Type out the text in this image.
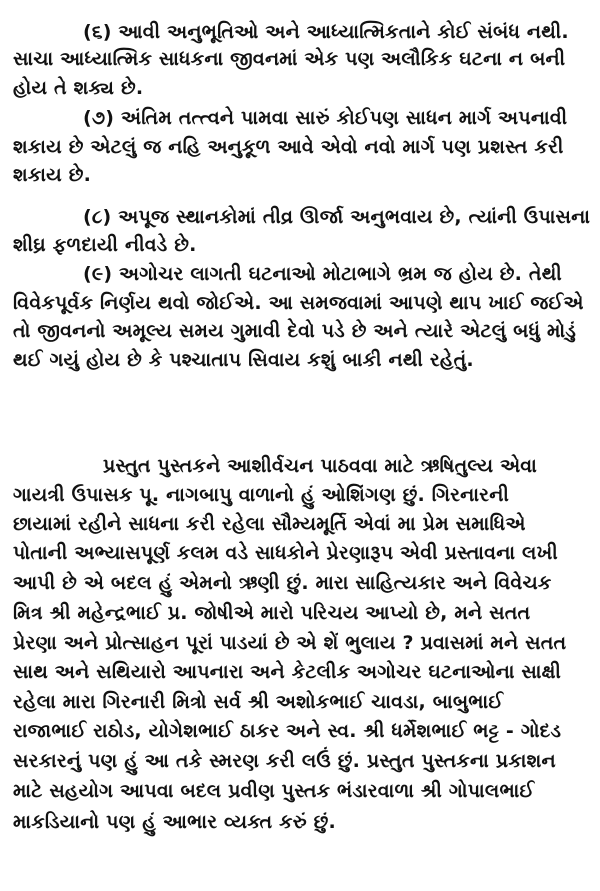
(૬) આવી અનુભૂતિઓ અને આધ્યાત્મિકતાને કોઈ સંબંધ નથી.
સાચા આધ્યાત્મિક સાધકના જીવનમાં એક પણ અલૌકિક ઘટના ન બની
હોય તે શક્ય છે.
(૭) અંતિમ તત્ત્વને પામવા સારું કોઈપણ સાધન માર્ગ અપનાવી
શકાય છે એટલું જ નહિ અનુકૂળ આવે એવો નવો માર્ગ પણ પ્રશસ્ત કરી
શકાય છે.
(૮) અપૂજ સ્થાનકોમાં તીવ્ર ઊર્જા અનુભવાય છે, ત્યાંની ઉપાસના
શીઘ્ર ફળદાયી નીવડે છે.
(૯) અગોચર લાગતી ઘટનાઓ મોટાભાગે ભ્રમ જ હોય છે. તેથી
વિવેકપૂર્વક નિર્ણય થવો જોઈએ. આ સમજવામાં આપણે થાપ ખાઈ જઈએ
તો જીવનનો અમૂલ્ય સમય ગુમાવી દેવો પડે છે અને ત્યારે એટલું બધું મોડું
થઈ ગયું હોય છે કે પશ્ચાતાપ સિવાય કશું બાકી નથી રહેતું.
પ્રસ્તુત પુસ્તકને આશીર્વચન પાઠવવા માટે ઋષિતુલ્ય એવા
ગાયત્રી ઉપાસક પૂ. નાગબાપુ વાળાનો હું ઓશિંગણ છું. ગિરનારની
છાયામાં રહીને સાધના કરી રહેલા સૌમ્યમૂર્તિ એવાં મા પ્રેમ સમાધિએ
પોતાની અભ્યાસપૂર્ણ કલમ વડે સાધકોને પ્રેરણારૂપ એવી પ્રસ્તાવના લખી
આપી છે એ બદલ હું એમનો ઋણી છું. મારા સાહિત્યકાર અને વિવેચક
મિત્ર શ્રી મહેન્દ્રભાઈ પ્ર. જોષીએ મારો પરિચય આપ્યો છે, મને સતત
પ્રેરણા અને પ્રોત્સાહન પૂરાં પાડયાં છે એ શેં ભુલાય ? પ્રવાસમાં મને સતત
સાથ અને સથિયારો આપનારા અને કેટલીક અગોચર ઘટનાઓના સાક્ષી
રહેલા મારા ગિરનારી મિત્રો સર્વ શ્રી અશોકભાઈ ચાવડા, બાબુભાઈ
રાજાભાઈ રાઠોડ, યોગેશભાઈ ઠાકર અને સ્વ. શ્રી ધર્મેશભાઈ ભટ્ટ - ગોદડ
સરકારનું પણ હું આ તકે સ્મરણ કરી લઉં છું. પ્રસ્તુત પુસ્તકના પ્રકાશન
માટે સહયોગ આપવા બદલ પ્રવીણ પુસ્તક ભંડારવાળા શ્રી ગોપાલભાઈ
માકડિયાનો પણ હું આભાર વ્યક્ત કરું છું.
